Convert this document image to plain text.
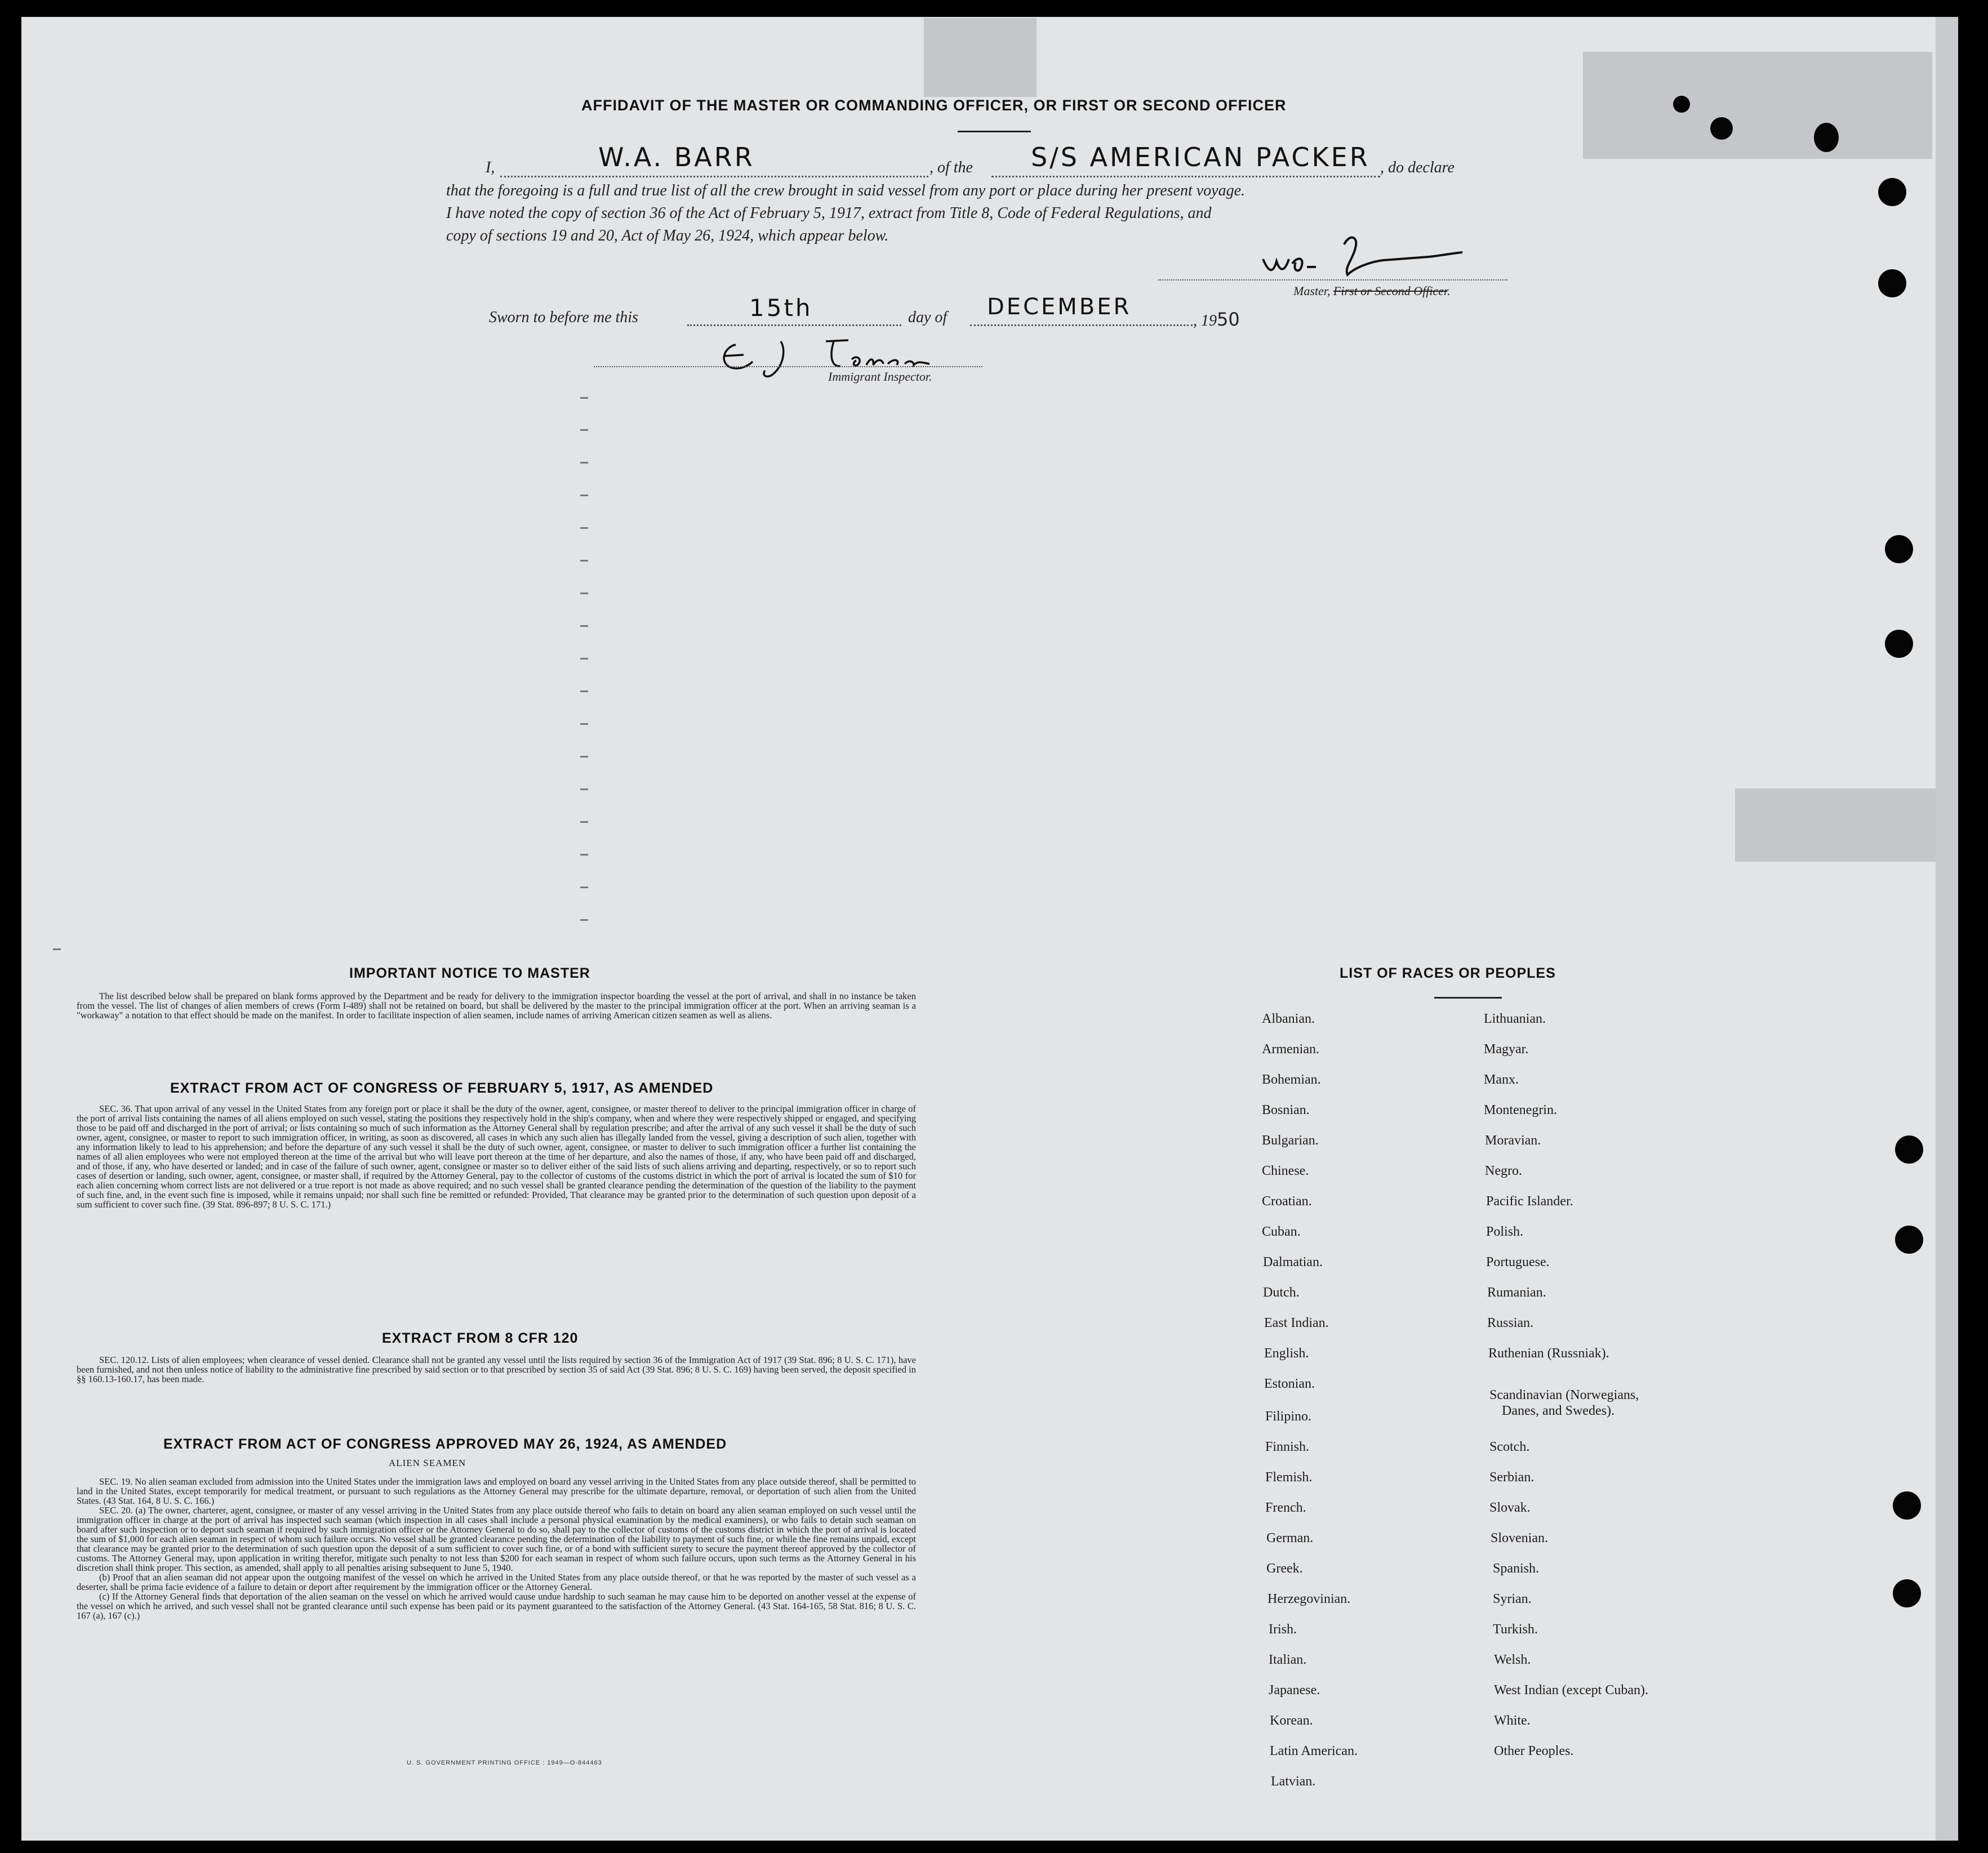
AFFIDAVIT OF THE MASTER OR COMMANDING OFFICER, OR FIRST OR SECOND OFFICER
I,	W.A. BARR	, of the S/S AMERICAN PACKER , do declare
that the foregoing is a full and true list of all the crew brought in said vessel from any port or place during her present voyage.
I have noted the copy of section 36 of the Act of February 5, 1917, extract from Title 8, Code of Federal Regulations, and
copy of sections 19 and 20, Act of May 26, 1924, which appear below.
Master, First or Second Officer.
Sworn to before me this	15th	day of DECEMBER
, 1950
Immigrant Inspector.
IMPORTANT NOTICE TO MASTER

The list described below shall be prepared on blank forms approved by the Department and be ready for delivery to the immigration inspector boarding the vessel at the port of arrival, and shall in no instance be taken from the vessel. The list of changes of alien members of crews (Form I-489) shall not be retained on board, but shall be delivered by the master to the principal immigration officer at the port. When an arriving seaman is a "workaway" a notation to that effect should be made on the manifest. In order to facilitate inspection of alien seamen, include names of arriving American citizen seamen as well as aliens.

EXTRACT FROM ACT OF CONGRESS OF FEBRUARY 5, 1917, AS AMENDED

SEC. 36. That upon arrival of any vessel in the United States from any foreign port or place it shall be the duty of the owner, agent, consignee, or master thereof to deliver to the principal immigration officer in charge of the port of arrival lists containing the names of all aliens employed on such vessel, stating the positions they respectively hold in the ship's company, when and where they were respectively shipped or engaged, and specifying those to be paid off and discharged in the port of arrival; or lists containing so much of such information as the Attorney General shall by regulation prescribe; and after the arrival of any such vessel it shall be the duty of such owner, agent, consignee, or master to report to such immigration officer, in writing, as soon as discovered, all cases in which any such alien has illegally landed from the vessel, giving a description of such alien, together with any information likely to lead to his apprehension; and before the departure of any such vessel it shall be the duty of such owner, agent, consignee, or master to deliver to such immigration officer a further list containing the names of all alien employees who were not employed thereon at the time of the arrival but who will leave port thereon at the time of her departure, and also the names of those, if any, who have been paid off and discharged, and of those, if any, who have deserted or landed; and in case of the failure of such owner, agent, consignee or master so to deliver either of the said lists of such aliens arriving and departing, respectively, or so to report such cases of desertion or landing, such owner, agent, consignee, or master shall, if required by the Attorney General, pay to the collector of customs of the customs district in which the port of arrival is located the sum of $10 for each alien concerning whom correct lists are not delivered or a true report is not made as above required; and no such vessel shall be granted clearance pending the determination of the question of the liability to the payment of such fine, and, in the event such fine is imposed, while it remains unpaid; nor shall such fine be remitted or refunded: Provided, That clearance may be granted prior to the determination of such question upon deposit of a sum sufficient to cover such fine. (39 Stat. 896-897; 8 U. S. C. 171.)

EXTRACT FROM 8 CFR 120

SEC. 120.12. Lists of alien employees; when clearance of vessel denied. Clearance shall not be granted any vessel until the lists required by section 36 of the Immigration Act of 1917 (39 Stat. 896; 8 U. S. C. 171), have been furnished, and not then unless notice of liability to the administrative fine prescribed by said section or to that prescribed by section 35 of said Act (39 Stat. 896; 8 U. S. C. 169) having been served, the deposit specified in §§ 160.13-160.17, has been made.

EXTRACT FROM ACT OF CONGRESS APPROVED MAY 26, 1924, AS AMENDED
ALIEN SEAMEN

SEC. 19. No alien seaman excluded from admission into the United States under the immigration laws and employed on board any vessel arriving in the United States from any place outside thereof, shall be permitted to land in the United States, except temporarily for medical treatment, or pursuant to such regulations as the Attorney General may prescribe for the ultimate departure, removal, or deportation of such alien from the United States. (43 Stat. 164, 8 U. S. C. 166.)

SEC. 20. (a) The owner, charterer, agent, consignee, or master of any vessel arriving in the United States from any place outside thereof who fails to detain on board any alien seaman employed on such vessel until the immigration officer in charge at the port of arrival has inspected such seaman (which inspection in all cases shall include a personal physical examination by the medical examiners), or who fails to detain such seaman on board after such inspection or to deport such seaman if required by such immigration officer or the Attorney General to do so, shall pay to the collector of customs of the customs district in which the port of arrival is located the sum of $1,000 for each alien seaman in respect of whom such failure occurs. No vessel shall be granted clearance pending the determination of the liability to payment of such fine, or while the fine remains unpaid, except that clearance may be granted prior to the determination of such question upon the deposit of a sum sufficient to cover such fine, or of a bond with sufficient surety to secure the payment thereof approved by the collector of customs. The Attorney General may, upon application in writing therefor, mitigate such penalty to not less than $200 for each seaman in respect of whom such failure occurs, upon such terms as the Attorney General in his discretion shall think proper. This section, as amended, shall apply to all penalties arising subsequent to June 5, 1940.

(b) Proof that an alien seaman did not appear upon the outgoing manifest of the vessel on which he arrived in the United States from any place outside thereof, or that he was reported by the master of such vessel as a deserter, shall be prima facie evidence of a failure to detain or deport after requirement by the immigration officer or the Attorney General.

(c) If the Attorney General finds that deportation of the alien seaman on the vessel on which he arrived would cause undue hardship to such seaman he may cause him to be deported on another vessel at the expense of the vessel on which he arrived, and such vessel shall not be granted clearance until such expense has been paid or its payment guaranteed to the satisfaction of the Attorney General. (43 Stat. 164-165, 58 Stat. 816; 8 U. S. C. 167 (a), 167 (c).)

U. S. GOVERNMENT PRINTING OFFICE : 1949—O-844463
LIST OF RACES OR PEOPLES
Albanian.
Armenian.
Bohemian.
Bosnian.
Bulgarian.
Chinese.
Croatian.
Cuban.
Dalmatian.
Dutch.
East Indian.
English.
Estonian.
Filipino.
Finnish.
Flemish.
French.
German.
Greek.
Herzegovinian.
Irish.
Italian.
Japanese.
Korean.
Latin American.
Latvian.
Lithuanian.
Magyar.
Manx.
Montenegrin.
Moravian.
Negro.
Pacific Islander.
Polish.
Portuguese.
Rumanian.
Russian.
Ruthenian (Russniak).
Scandinavian (Norwegians,
Danes, and Swedes).
Scotch.
Serbian.
Slovak.
Slovenian.
Spanish.
Syrian.
Turkish.
Welsh.
West Indian (except Cuban).
White.
Other Peoples.
